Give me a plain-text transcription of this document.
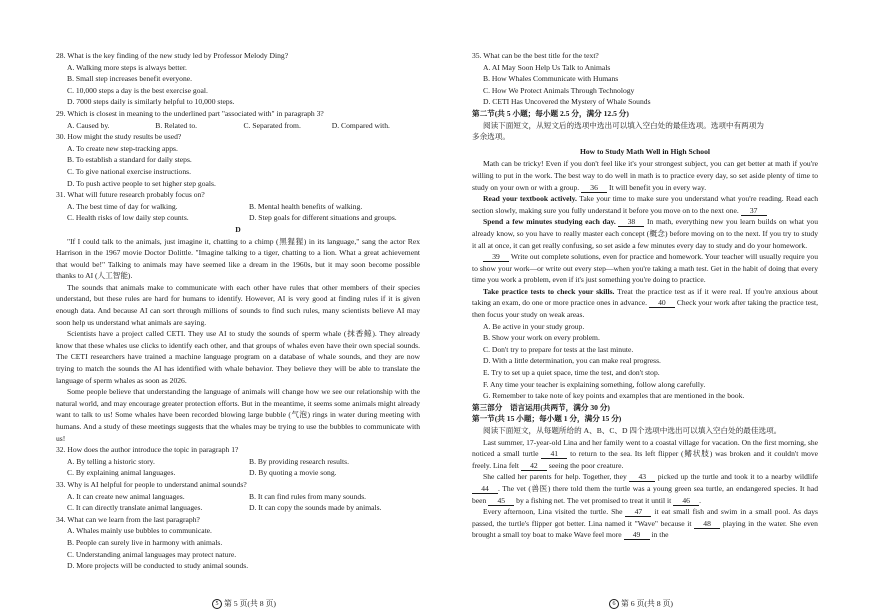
28. What is the key finding of the new study led by Professor Melody Ding?
A. Walking more steps is always better.
B. Small step increases benefit everyone.
C. 10,000 steps a day is the best exercise goal.
D. 7000 steps daily is similarly helpful to 10,000 steps.
29. Which is closest in meaning to the underlined part "associated with" in paragraph 3?
A. Caused by.	B. Related to.	C. Separated from.	D. Compared with.
30. How might the study results be used?
A. To create new step-tracking apps.
B. To establish a standard for daily steps.
C. To give national exercise instructions.
D. To push active people to set higher step goals.
31. What will future research probably focus on?
A. The best time of day for walking.	B. Mental health benefits of walking.
C. Health risks of low daily step counts.	D. Step goals for different situations and groups.
D
"If I could talk to the animals, just imagine it, chatting to a chimp (黑猩猩) in its language," sang the actor Rex Harrison in the 1967 movie Doctor Dolittle. "Imagine talking to a tiger, chatting to a lion. What a great achievement that would be!" Talking to animals may have seemed like a dream in the 1960s, but it may soon become possible thanks to AI (人工智能).
The sounds that animals make to communicate with each other have rules that other members of their species understand, but these rules are hard for humans to identify. However, AI is very good at finding rules if it is given enough data. And because AI can sort through millions of sounds to find such rules, many scientists believe AI may soon help us understand what animals are saying.
Scientists have a project called CETI. They use AI to study the sounds of sperm whale (抹香鲸). They already know that these whales use clicks to identify each other, and that groups of whales even have their own special sounds. The CETI researchers have trained a machine language program on a database of whale sounds, and they are now trying to match the sounds the AI has identified with whale behavior. They believe they will be able to translate the language of sperm whales as soon as 2026.
Some people believe that understanding the language of animals will change how we see our relationship with the natural world, and may encourage greater protection efforts. But in the meantime, it seems some animals might already want to talk to us! Some whales have been recorded blowing large bubble (气泡) rings in water during meeting with humans. And a study of these meetings suggests that the whales may be trying to use the bubbles to communicate with us!
32. How does the author introduce the topic in paragraph 1?
A. By telling a historic story.	B. By providing research results.
C. By explaining animal languages.	D. By quoting a movie song.
33. Why is AI helpful for people to understand animal sounds?
A. It can create new animal languages.	B. It can find rules from many sounds.
C. It can directly translate animal languages.	D. It can copy the sounds made by animals.
34. What can we learn from the last paragraph?
A. Whales mainly use bubbles to communicate.
B. People can surely live in harmony with animals.
C. Understanding animal languages may protect nature.
D. More projects will be conducted to study animal sounds.
35. What can be the best title for the text?
A. AI May Soon Help Us Talk to Animals
B. How Whales Communicate with Humans
C. How We Protect Animals Through Technology
D. CETI Has Uncovered the Mystery of Whale Sounds
第二节(共 5 小题；每小题 2.5 分，满分 12.5 分)
阅读下面短文，从短文后的选项中选出可以填入空白处的最佳选项。选项中有两项为
多余选项。
How to Study Math Well in High School
Math can be tricky! Even if you don't feel like it's your strongest subject, you can get better at math if you're willing to put in the work. The best way to do well in math is to practice every day, so set aside plenty of time to study on your own or with a group. 36 It will benefit you in every way.
Read your textbook actively. Take your time to make sure you understand what you're reading. Read each section slowly, making sure you fully understand it before you move on to the next one. 37
Spend a few minutes studying each day. 38 In math, everything new you learn builds on what you already know, so you have to really master each concept (概念) before moving on to the next. If you try to study it all at once, it can get really confusing, so set aside a few minutes every day to study and do your homework.
39 Write out complete solutions, even for practice and homework. Your teacher will usually require you to show your work—or write out every step—when you're taking a math test. Get in the habit of doing that every time you work a problem, even if it's just something you're doing to practice.
Take practice tests to check your skills. Treat the practice test as if it were real. If you're anxious about taking an exam, do one or more practice ones in advance. 40 Check your work after taking the practice test, then focus your study on weak areas.
A. Be active in your study group.
B. Show your work on every problem.
C. Don't try to prepare for tests at the last minute.
D. With a little determination, you can make real progress.
E. Try to set up a quiet space, time the test, and don't stop.
F. Any time your teacher is explaining something, follow along carefully.
G. Remember to take note of key points and examples that are mentioned in the book.
第三部分　语言运用(共两节，满分 30 分)
第一节(共 15 小题；每小题 1 分，满分 15 分)
阅读下面短文，从每题所给的 A、B、C、D 四个选项中选出可以填入空白处的最佳选项。
Last summer, 17-year-old Lina and her family went to a coastal village for vacation. On the first morning, she noticed a small turtle 41 to return to the sea. Its left flipper (鳍状肢) was broken and it couldn't move freely. Lina felt 42 seeing the poor creature.
She called her parents for help. Together, they 43 picked up the turtle and took it to a nearby wildlife 44 . The vet (兽医) there told them the turtle was a young green sea turtle, an endangered species. It had been 45 by a fishing net. The vet promised to treat it until it 46 .
Every afternoon, Lina visited the turtle. She 47 it eat small fish and swim in a small pool. As days passed, the turtle's flipper got better. Lina named it "Wave" because it 48 playing in the water. She even brought a small toy boat to make Wave feel more 49 in the
5 第 5 页(共 8 页)	6 第 6 页(共 8 页)
